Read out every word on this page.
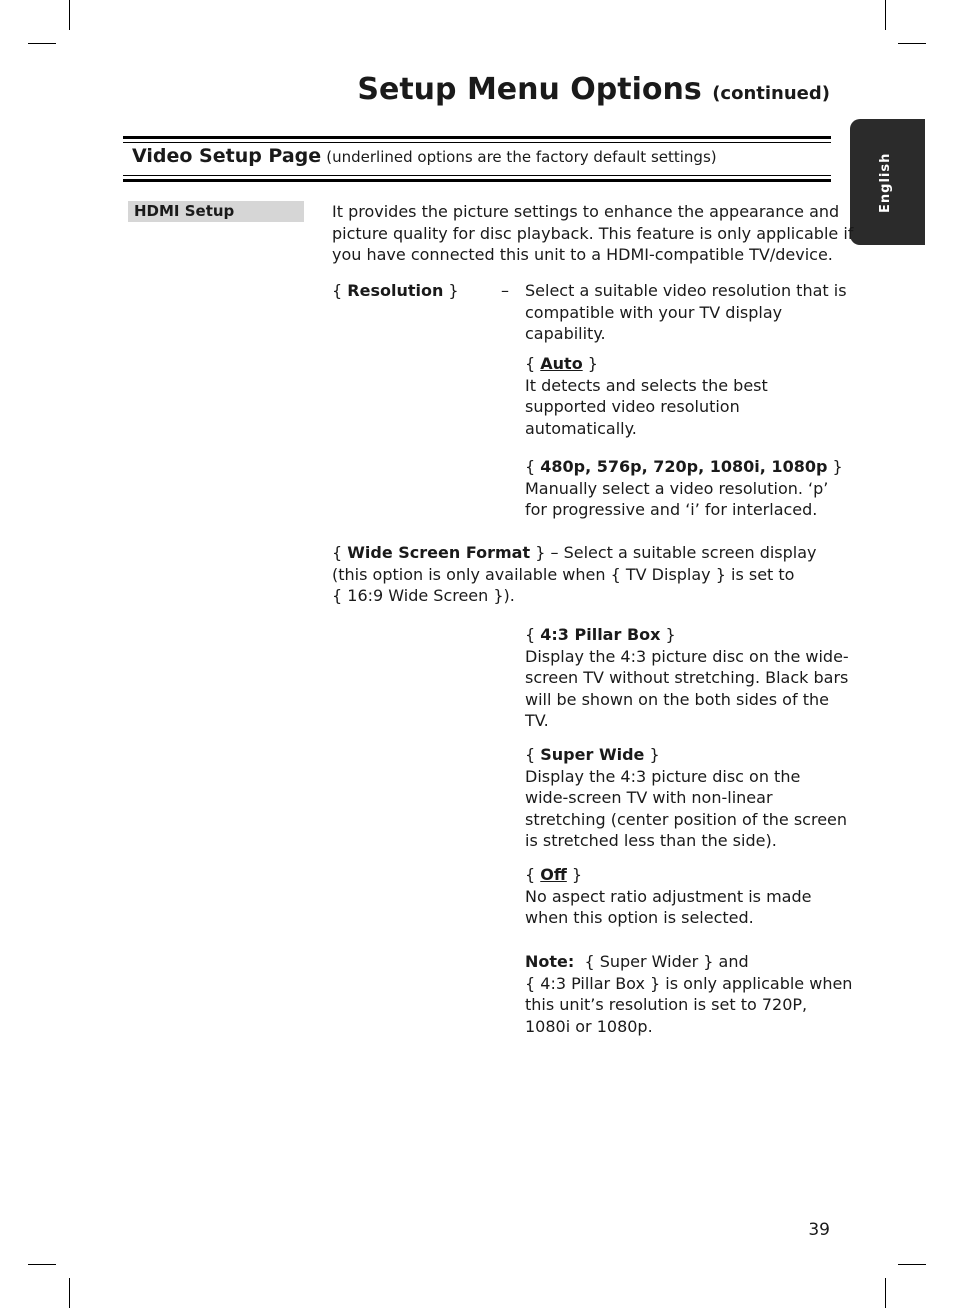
Setup Menu Options (continued)
Video Setup Page (underlined options are the factory default settings)	English
HDMI Setup	It provides the picture settings to enhance the appearance and
picture quality for disc playback. This feature is only applicable if
you have connected this unit to a HDMI-compatible TV/device.
{ Resolution }	– Select a suitable video resolution that is
compatible with your TV display
capability.
{ Auto }
It detects and selects the best
supported video resolution
automatically.
{ 480p, 576p, 720p, 1080i, 1080p }
Manually select a video resolution. ‘p’
for progressive and ‘i’ for interlaced.
{ Wide Screen Format } – Select a suitable screen display
(this option is only available when { TV Display } is set to
{ 16:9 Wide Screen }).
{ 4:3 Pillar Box }
Display the 4:3 picture disc on the wide-
screen TV without stretching. Black bars
will be shown on the both sides of the
TV.
{ Super Wide }
Display the 4:3 picture disc on the
wide-screen TV with non-linear
stretching (center position of the screen
is stretched less than the side).
{ Off }
No aspect ratio adjustment is made
when this option is selected.
Note:  { Super Wider } and
{ 4:3 Pillar Box } is only applicable when
this unit’s resolution is set to 720P,
1080i or 1080p.
39
